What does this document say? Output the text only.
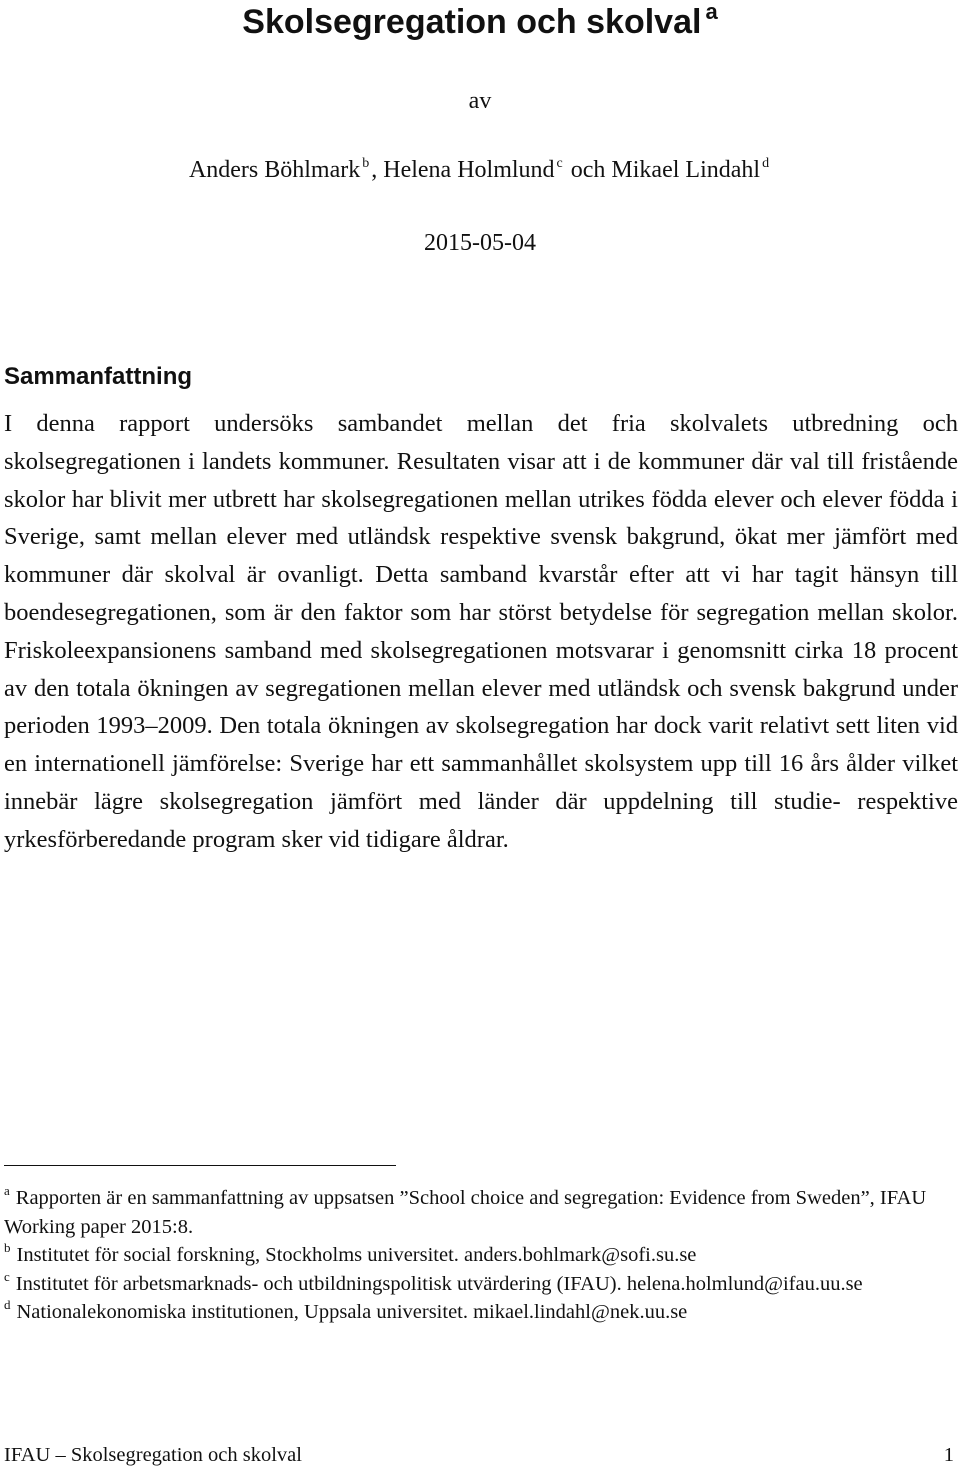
Skolsegregation och skolval $^a$
av
Anders Böhlmark $^b$, Helena Holmlund $^c$ och Mikael Lindahl $^d$
2015-05-04
Sammanfattning

I denna rapport undersöks sambandet mellan det fria skolvalets utbredning och skolsegregationen i landets kommuner. Resultaten visar att i de kommuner där val till fristående skolor har blivit mer utbrett har skolsegregationen mellan utrikes födda elever och elever födda i Sverige, samt mellan elever med utländsk respektive svensk bakgrund, ökat mer jämfört med kommuner där skolval är ovanligt. Detta samband kvarstår efter att vi har tagit hänsyn till boendesegregationen, som är den faktor som har störst betydelse för segregation mellan skolor. Friskoleexpansionens samband med skolsegregationen motsvarar i genomsnitt cirka 18 procent av den totala ökningen av segregationen mellan elever med utländsk och svensk bakgrund under perioden 1993–2009. Den totala ökningen av skolsegregation har dock varit relativt sett liten vid en internationell jämförelse: Sverige har ett sammanhållet skolsystem upp till 16 års ålder vilket innebär lägre skolsegregation jämfört med länder där uppdelning till studie- respektive yrkesförberedande program sker vid tidigare åldrar.

$^a$ Rapporten är en sammanfattning av uppsatsen ”School choice and segregation: Evidence from Sweden”, IFAU Working paper 2015:8.

$^b$ Institutet för social forskning, Stockholms universitet. anders.bohlmark@sofi.su.se

$^c$ Institutet för arbetsmarknads- och utbildningspolitisk utvärdering (IFAU). helena.holmlund@ifau.uu.se

$^d$ Nationalekonomiska institutionen, Uppsala universitet. mikael.lindahl@nek.uu.se

IFAU – Skolsegregation och skolval	1
